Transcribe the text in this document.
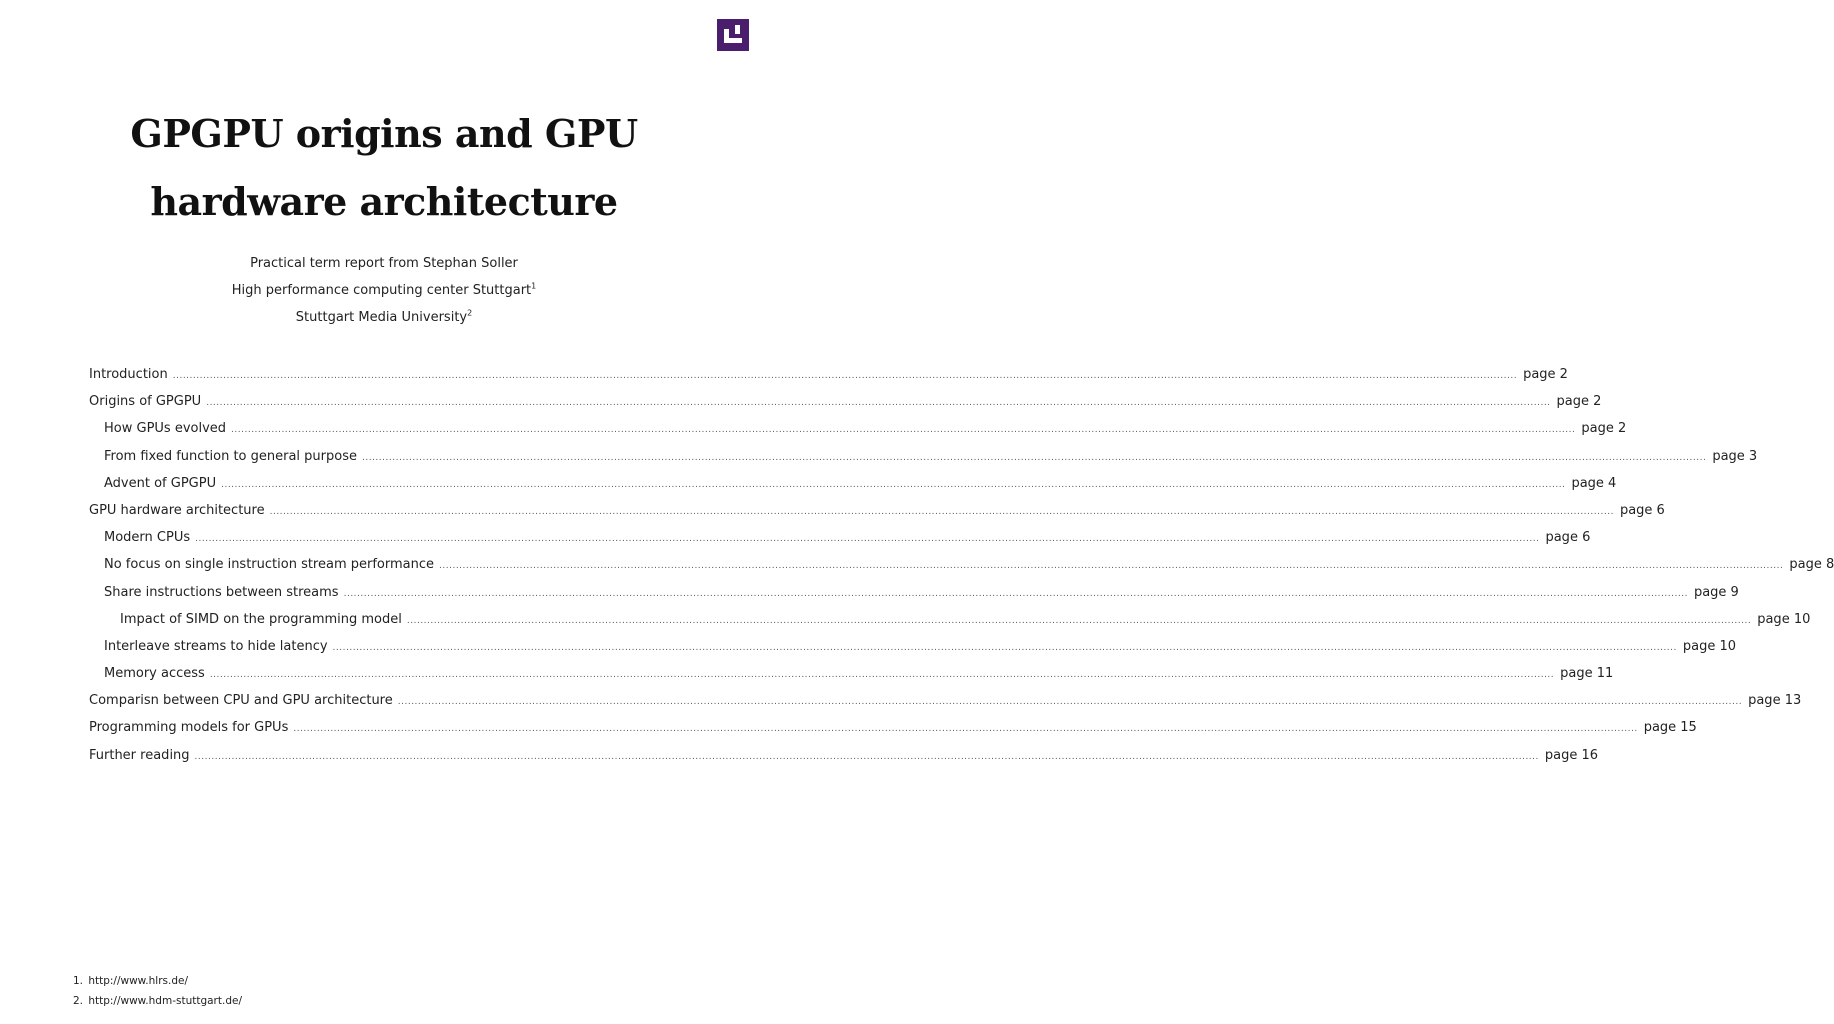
GPGPU origins and GPU
hardware architecture
Practical term report from Stephan Soller
High performance computing center Stuttgart$^1$
Stuttgart Media University$^2$
Introduction ................................................................................................................................................................................................................................................................................................................................................................................................................ page 2
Origins of GPGPU ................................................................................................................................................................................................................................................................................................................................................................................................................ page 2
How GPUs evolved ................................................................................................................................................................................................................................................................................................................................................................................................................ page 2
From fixed function to general purpose ................................................................................................................................................................................................................................................................................................................................................................................................................ page 3
Advent of GPGPU ................................................................................................................................................................................................................................................................................................................................................................................................................ page 4
GPU hardware architecture ................................................................................................................................................................................................................................................................................................................................................................................................................ page 6
Modern CPUs ................................................................................................................................................................................................................................................................................................................................................................................................................ page 6
No focus on single instruction stream performance ................................................................................................................................................................................................................................................................................................................................................................................................................ page 8
Share instructions between streams ................................................................................................................................................................................................................................................................................................................................................................................................................ page 9
Impact of SIMD on the programming model ................................................................................................................................................................................................................................................................................................................................................................................................................ page 10
Interleave streams to hide latency ................................................................................................................................................................................................................................................................................................................................................................................................................ page 10
Memory access ................................................................................................................................................................................................................................................................................................................................................................................................................ page 11
Comparisn between CPU and GPU architecture ................................................................................................................................................................................................................................................................................................................................................................................................................ page 13
Programming models for GPUs ................................................................................................................................................................................................................................................................................................................................................................................................................ page 15
Further reading ................................................................................................................................................................................................................................................................................................................................................................................................................ page 16
1. http://www.hlrs.de/
2. http://www.hdm-stuttgart.de/
